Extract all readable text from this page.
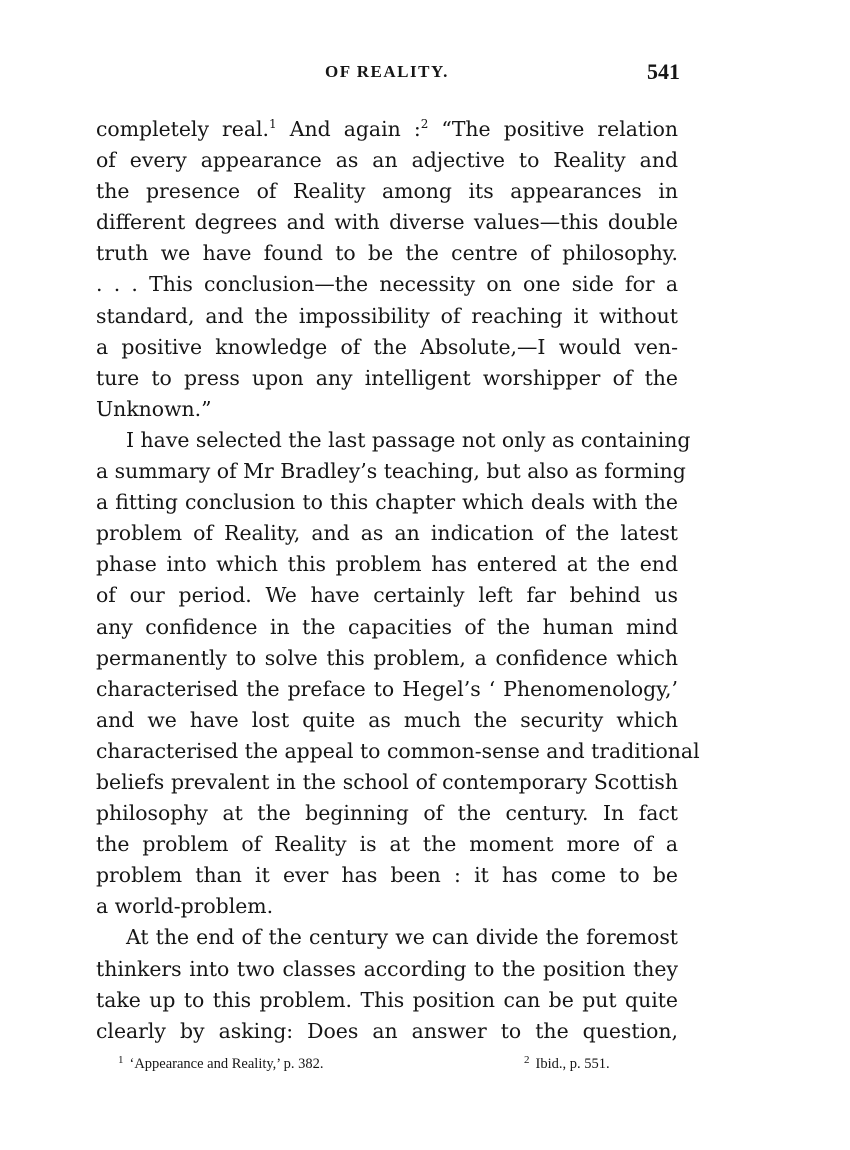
OF REALITY.	541
completely real.$^1$ And again :$^2$ “The positive relation
of every appearance as an adjective to Reality and
the presence of Reality among its appearances in
different degrees and with diverse values—this double
truth we have found to be the centre of philosophy.
. . . This conclusion—the necessity on one side for a
standard, and the impossibility of reaching it without
a positive knowledge of the Absolute,—I would ven-
ture to press upon any intelligent worshipper of the
Unknown.”
I have selected the last passage not only as containing
a summary of Mr Bradley’s teaching, but also as forming
a fitting conclusion to this chapter which deals with the
problem of Reality, and as an indication of the latest
phase into which this problem has entered at the end
of our period. We have certainly left far behind us
any confidence in the capacities of the human mind
permanently to solve this problem, a confidence which
characterised the preface to Hegel’s ‘ Phenomenology,’
and we have lost quite as much the security which
characterised the appeal to common-sense and traditional
beliefs prevalent in the school of contemporary Scottish
philosophy at the beginning of the century. In fact
the problem of Reality is at the moment more of a
problem than it ever has been : it has come to be
a world-problem.
At the end of the century we can divide the foremost
thinkers into two classes according to the position they
take up to this problem. This position can be put quite
clearly by asking: Does an answer to the question,
$^1$ ‘Appearance and Reality,’ p. 382.	$^2$ Ibid., p. 551.
